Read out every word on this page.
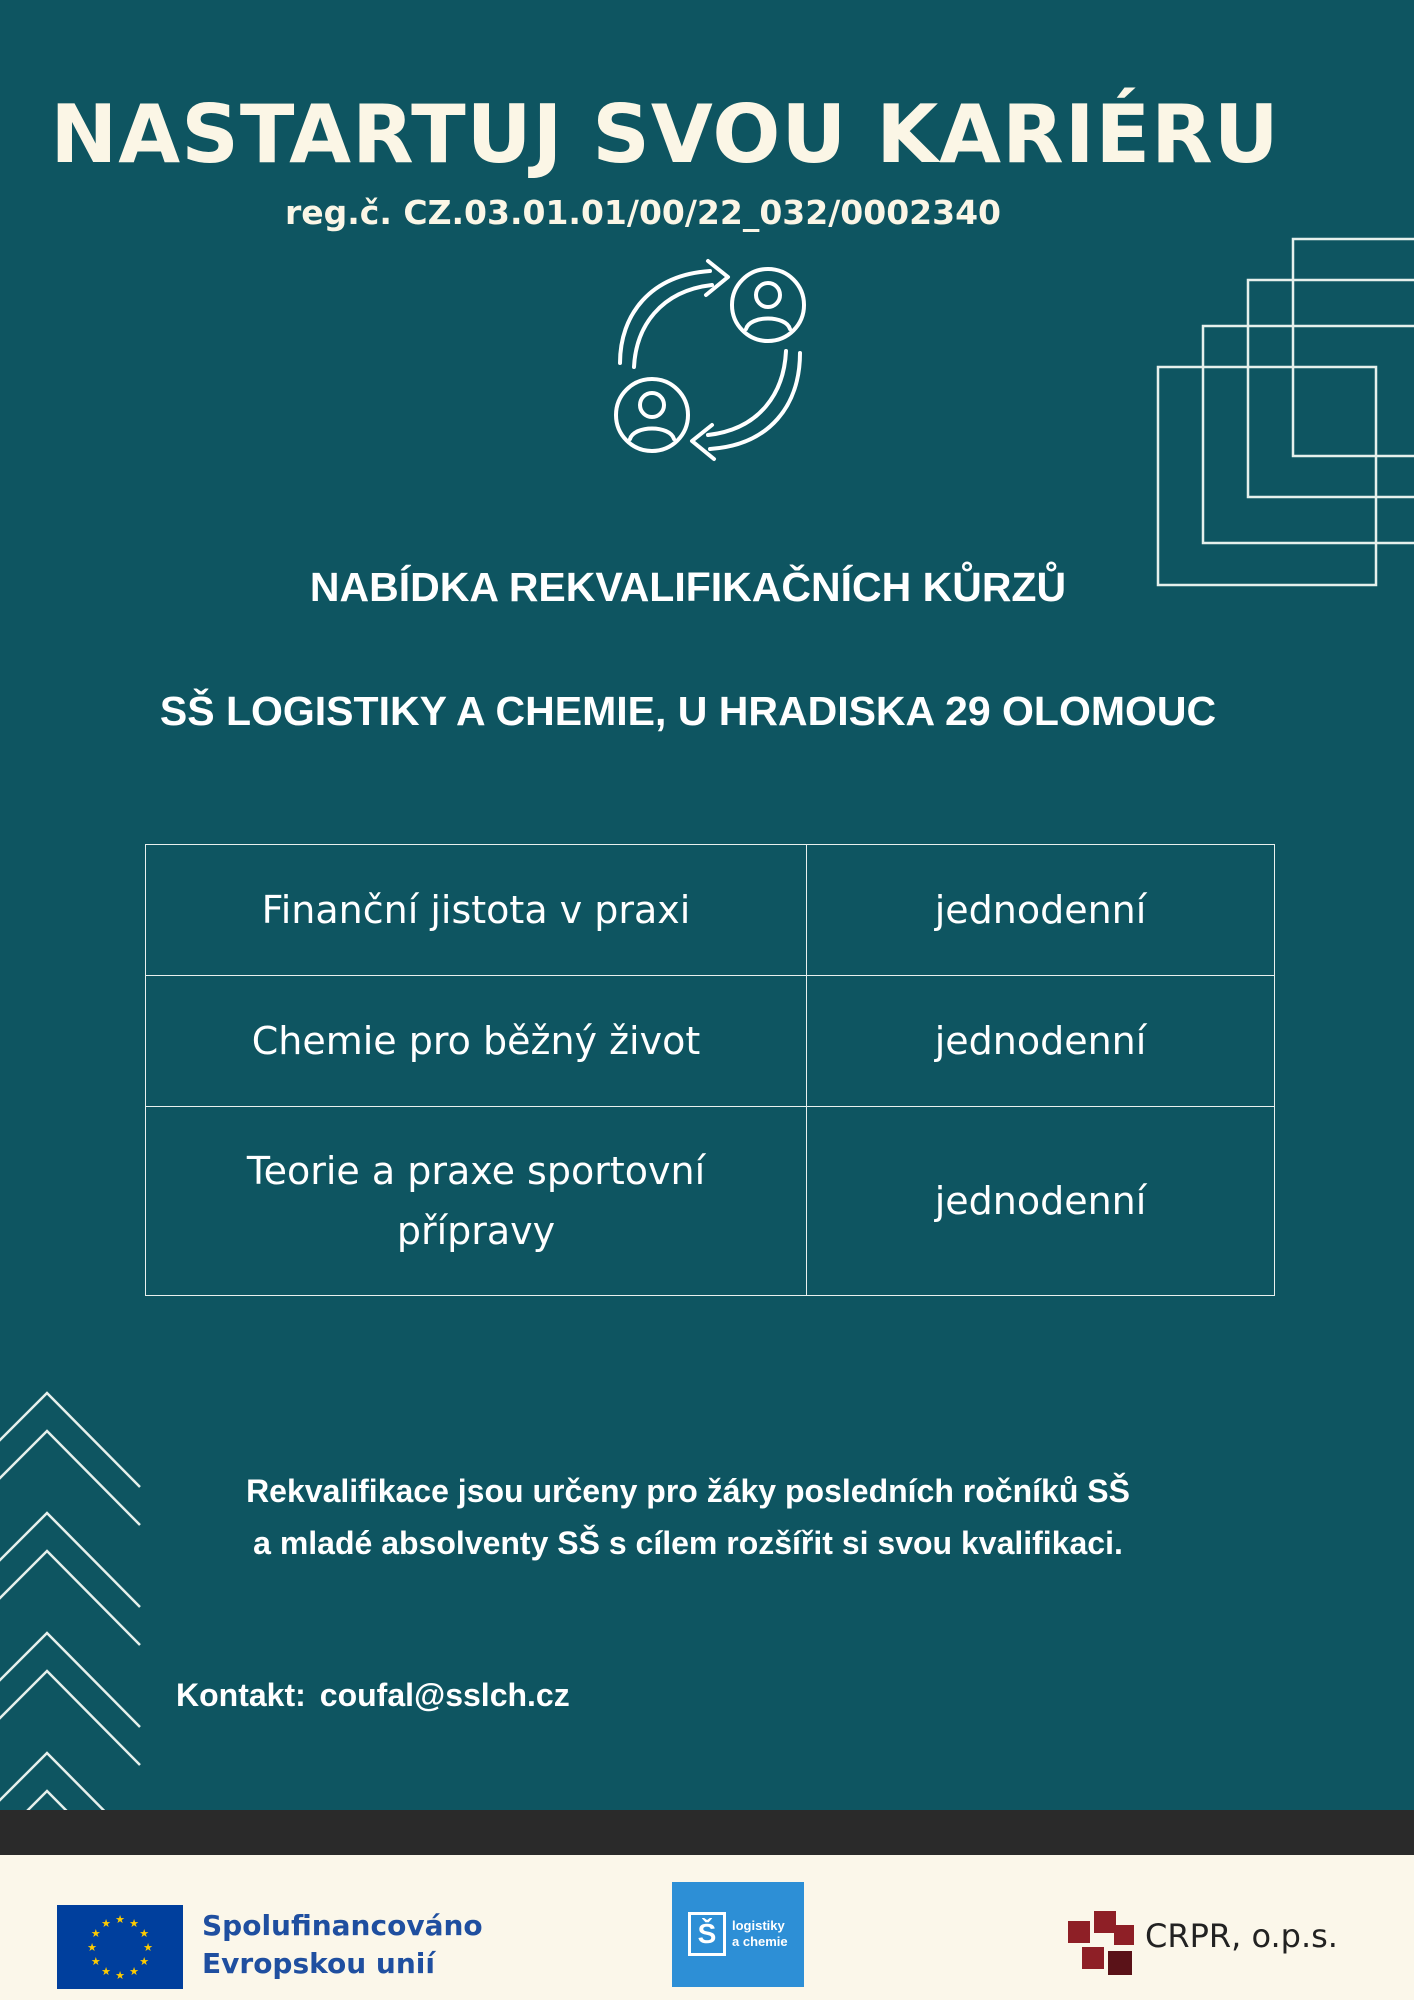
NASTARTUJ SVOU KARIÉRU
reg.č. CZ.03.01.01/00/22_032/0002340
NABÍDKA REKVALIFIKAČNÍCH KŮRZŮ
SŠ LOGISTIKY A CHEMIE, U HRADISKA 29 OLOMOUC
Finanční jistota v praxi	jednodenní
Chemie pro běžný život	jednodenní
Teorie a praxe sportovní přípravy	jednodenní

Rekvalifikace jsou určeny pro žáky posledních ročníků SŠ

a mladé absolventy SŠ s cílem rozšířit si svou kvalifikaci.

Kontakt: coufal@sslch.cz
★ ★
★
★
★
★
★
★
★
★
★
★	Spolufinancováno
Evropskou unií
Š	logistiky
a chemie	CRPR, o.p.s.
